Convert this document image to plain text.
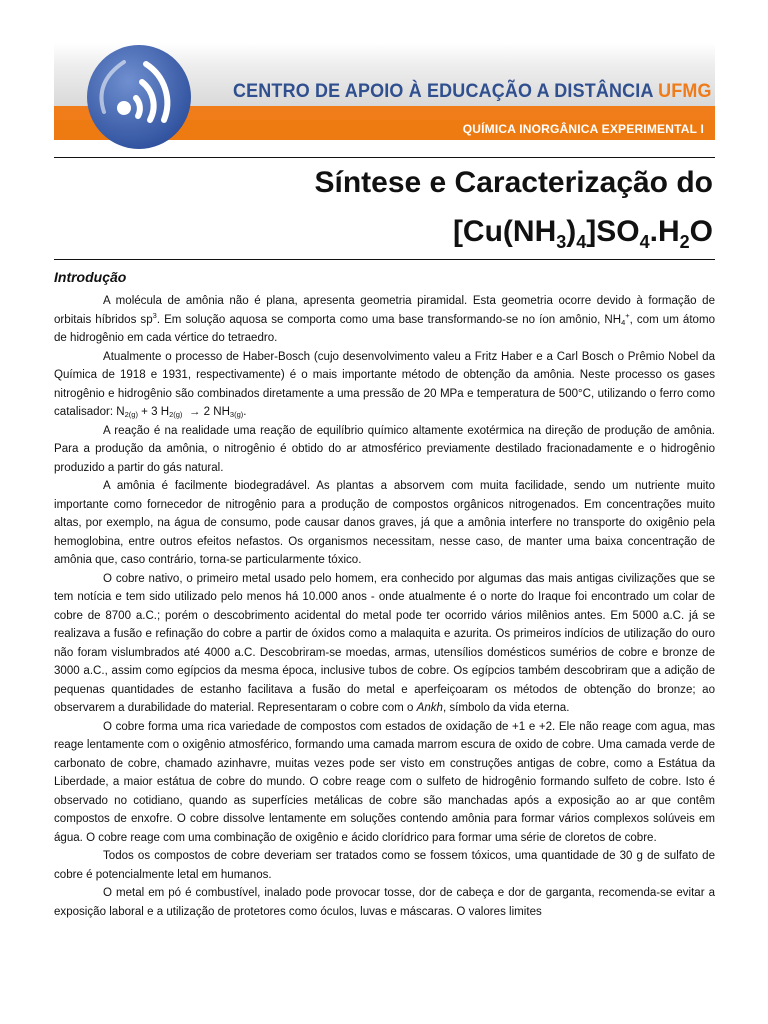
CENTRO DE APOIO À EDUCAÇÃO A DISTÂNCIA UFMG
QUÍMICA INORGÂNICA EXPERIMENTAL I
Síntese e Caracterização do
$[Cu(NH_3)_4]SO_4.H_2O$
Introdução

A molécula de amônia não é plana, apresenta geometria piramidal. Esta geometria ocorre devido à formação de orbitais híbridos $sp^3$. Em solução aquosa se comporta como uma base transformando-se no íon amônio, $NH_4^+$, com um átomo de hidrogênio em cada vértice do tetraedro.

Atualmente o processo de Haber-Bosch (cujo desenvolvimento valeu a Fritz Haber e a Carl Bosch o Prêmio Nobel da Química de 1918 e 1931, respectivamente) é o mais importante método de obtenção da amônia. Neste processo os gases nitrogênio e hidrogênio são combinados diretamente a uma pressão de 20 MPa e temperatura de 500°C, utilizando o ferro como catalisador: $N_{2(g)} + 3$ $H_{2(g)} \to 2$ $NH_{3(g)}$.

A reação é na realidade uma reação de equilíbrio químico altamente exotérmica na direção de produção de amônia. Para a produção da amônia, o nitrogênio é obtido do ar atmosférico previamente destilado fracionadamente e o hidrogênio produzido a partir do gás natural.

A amônia é facilmente biodegradável. As plantas a absorvem com muita facilidade, sendo um nutriente muito importante como fornecedor de nitrogênio para a produção de compostos orgânicos nitrogenados. Em concentrações muito altas, por exemplo, na água de consumo, pode causar danos graves, já que a amônia interfere no transporte do oxigênio pela hemoglobina, entre outros efeitos nefastos. Os organismos necessitam, nesse caso, de manter uma baixa concentração de amônia que, caso contrário, torna-se particularmente tóxico.

O cobre nativo, o primeiro metal usado pelo homem, era conhecido por algumas das mais antigas civilizações que se tem notícia e tem sido utilizado pelo menos há 10.000 anos - onde atualmente é o norte do Iraque foi encontrado um colar de cobre de 8700 a.C.; porém o descobrimento acidental do metal pode ter ocorrido vários milênios antes. Em 5000 a.C. já se realizava a fusão e refinação do cobre a partir de óxidos como a malaquita e azurita. Os primeiros indícios de utilização do ouro não foram vislumbrados até 4000 a.C. Descobriram-se moedas, armas, utensílios domésticos sumérios de cobre e bronze de 3000 a.C., assim como egípcios da mesma época, inclusive tubos de cobre. Os egípcios também descobriram que a adição de pequenas quantidades de estanho facilitava a fusão do metal e aperfeiçoaram os métodos de obtenção do bronze; ao observarem a durabilidade do material. Representaram o cobre com o Ankh, símbolo da vida eterna.

O cobre forma uma rica variedade de compostos com estados de oxidação de +1 e +2. Ele não reage com agua, mas reage lentamente com o oxigênio atmosférico, formando uma camada marrom escura de oxido de cobre. Uma camada verde de carbonato de cobre, chamado azinhavre, muitas vezes pode ser visto em construções antigas de cobre, como a Estátua da Liberdade, a maior estátua de cobre do mundo. O cobre reage com o sulfeto de hidrogênio formando sulfeto de cobre. Isto é observado no cotidiano, quando as superfícies metálicas de cobre são manchadas após a exposição ao ar que contêm compostos de enxofre. O cobre dissolve lentamente em soluções contendo amônia para formar vários complexos solúveis em água. O cobre reage com uma combinação de oxigênio e ácido clorídrico para formar uma série de cloretos de cobre.

Todos os compostos de cobre deveriam ser tratados como se fossem tóxicos, uma quantidade de 30 g de sulfato de cobre é potencialmente letal em humanos.

O metal em pó é combustível, inalado pode provocar tosse, dor de cabeça e dor de garganta, recomenda-se evitar a exposição laboral e a utilização de protetores como óculos, luvas e máscaras. O valores limites
